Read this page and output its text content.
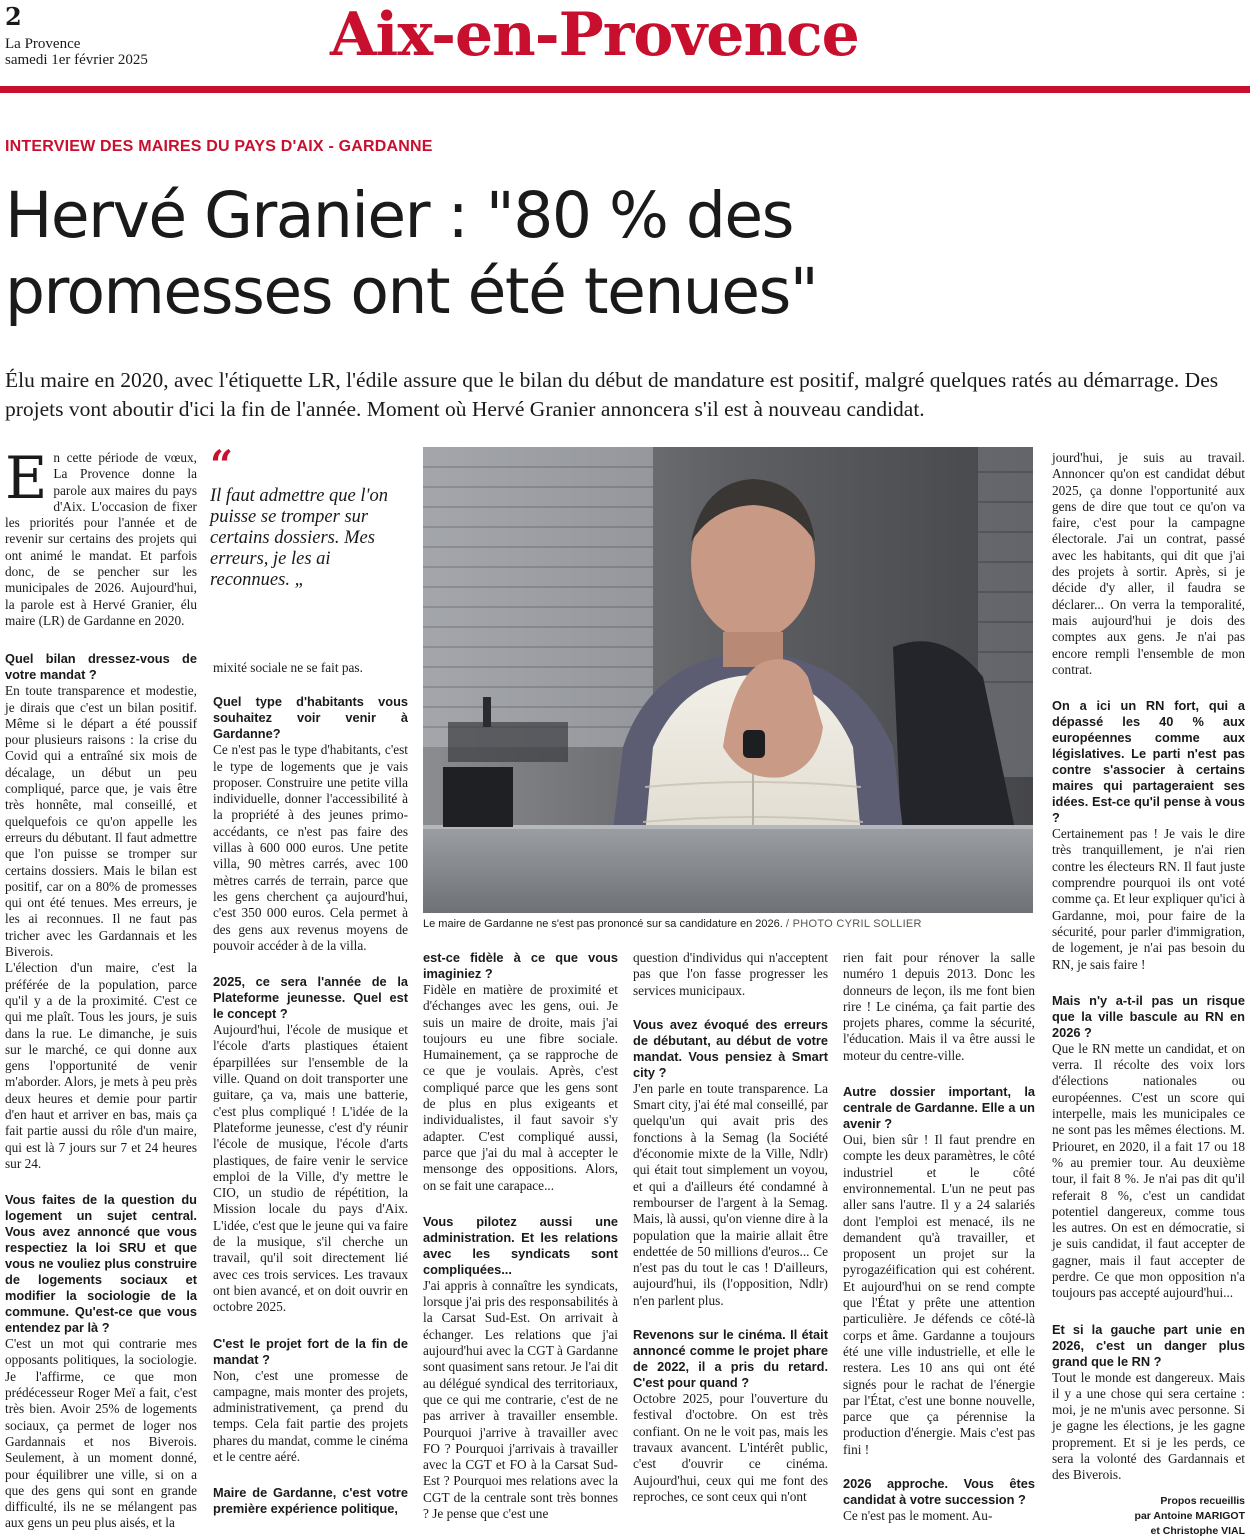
2
La Provence
samedi 1er février 2025	Aix-en-Provence
INTERVIEW DES MAIRES DU PAYS D'AIX - GARDANNE
Hervé Granier : "80 % des
promesses ont été tenues"
Élu maire en 2020, avec l'étiquette LR, l'édile assure que le bilan du début de mandature est positif, malgré quelques ratés au démarrage. Des projets vont aboutir d'ici la fin de l'année. Moment où Hervé Granier annoncera s'il est à nouveau candidat.

En cette période de vœux, La Provence donne la parole aux maires du pays d'Aix. L'occasion de fixer les priorités pour l'année et de revenir sur certains des projets qui ont animé le mandat. Et parfois donc, de se pencher sur les municipales de 2026. Aujourd'hui, la parole est à Hervé Granier, élu maire (LR) de Gardanne en 2020.

Quel bilan dressez-vous de votre mandat ?

En toute transparence et modestie, je dirais que c'est un bilan positif. Même si le départ a été poussif pour plusieurs raisons : la crise du Covid qui a entraîné six mois de décalage, un début un peu compliqué, parce que, je vais être très honnête, mal conseillé, et quelquefois ce qu'on appelle les erreurs du débutant. Il faut admettre que l'on puisse se tromper sur certains dossiers. Mais le bilan est positif, car on a 80% de promesses qui ont été tenues. Mes erreurs, je les ai reconnues. Il ne faut pas tricher avec les Gardannais et les Biverois.

L'élection d'un maire, c'est la préférée de la population, parce qu'il y a de la proximité. C'est ce qui me plaît. Tous les jours, je suis dans la rue. Le dimanche, je suis sur le marché, ce qui donne aux gens l'opportunité de venir m'aborder. Alors, je mets à peu près deux heures et demie pour partir d'en haut et arriver en bas, mais ça fait partie aussi du rôle d'un maire, qui est là 7 jours sur 7 et 24 heures sur 24.

Vous faites de la question du logement un sujet central. Vous avez annoncé que vous respectiez la loi SRU et que vous ne vouliez plus construire de logements sociaux et modifier la sociologie de la commune. Qu'est-ce que vous entendez par là ?

C'est un mot qui contrarie mes opposants politiques, la sociologie. Je l'affirme, ce que mon prédécesseur Roger Meï a fait, c'est très bien. Avoir 25% de logements sociaux, ça permet de loger nos Gardannais et nos Biverois. Seulement, à un moment donné, pour équilibrer une ville, si on a que des gens qui sont en grande difficulté, ils ne se mélangent pas aux gens un peu plus aisés, et la

“
Il faut admettre que l'on puisse se tromper sur certains dossiers. Mes erreurs, je les ai reconnues. „

mixité sociale ne se fait pas.

Quel type d'habitants vous souhaitez voir venir à Gardanne?

Ce n'est pas le type d'habitants, c'est le type de logements que je vais proposer. Construire une petite villa individuelle, donner l'accessibilité à la propriété à des jeunes primo-accédants, ce n'est pas faire des villas à 600 000 euros. Une petite villa, 90 mètres carrés, avec 100 mètres carrés de terrain, parce que les gens cherchent ça aujourd'hui, c'est 350 000 euros. Cela permet à des gens aux revenus moyens de pouvoir accéder à de la villa.

2025, ce sera l'année de la Plateforme jeunesse. Quel est le concept ?

Aujourd'hui, l'école de musique et l'école d'arts plastiques étaient éparpillées sur l'ensemble de la ville. Quand on doit transporter une guitare, ça va, mais une batterie, c'est plus compliqué ! L'idée de la Plateforme jeunesse, c'est d'y réunir l'école de musique, l'école d'arts plastiques, de faire venir le service emploi de la Ville, d'y mettre le CIO, un studio de répétition, la Mission locale du pays d'Aix. L'idée, c'est que le jeune qui va faire de la musique, s'il cherche un travail, qu'il soit directement lié avec ces trois services. Les travaux ont bien avancé, et on doit ouvrir en octobre 2025.

C'est le projet fort de la fin de mandat ?

Non, c'est une promesse de campagne, mais monter des projets, administrativement, ça prend du temps. Cela fait partie des projets phares du mandat, comme le cinéma et le centre aéré.

Maire de Gardanne, c'est votre première expérience politique,

Le maire de Gardanne ne s'est pas prononcé sur sa candidature en 2026. / PHOTO CYRIL SOLLIER

est-ce fidèle à ce que vous imaginiez ?

Fidèle en matière de proximité et d'échanges avec les gens, oui. Je suis un maire de droite, mais j'ai toujours eu une fibre sociale. Humainement, ça se rapproche de ce que je voulais. Après, c'est compliqué parce que les gens sont de plus en plus exigeants et individualistes, il faut savoir s'y adapter. C'est compliqué aussi, parce que j'ai du mal à accepter le mensonge des oppositions. Alors, on se fait une carapace...

Vous pilotez aussi une administration. Et les relations avec les syndicats sont compliquées...

J'ai appris à connaître les syndicats, lorsque j'ai pris des responsabilités à la Carsat Sud-Est. On arrivait à échanger. Les relations que j'ai aujourd'hui avec la CGT à Gardanne sont quasiment sans retour. Je l'ai dit au délégué syndical des territoriaux, que ce qui me contrarie, c'est de ne pas arriver à travailler ensemble. Pourquoi j'arrive à travailler avec FO ? Pourquoi j'arrivais à travailler avec la CGT et FO à la Carsat Sud-Est ? Pourquoi mes relations avec la CGT de la centrale sont très bonnes ? Je pense que c'est une

question d'individus qui n'acceptent pas que l'on fasse progresser les services municipaux.

Vous avez évoqué des erreurs de débutant, au début de votre mandat. Vous pensiez à Smart city ?

J'en parle en toute transparence. La Smart city, j'ai été mal conseillé, par quelqu'un qui avait pris des fonctions à la Semag (la Société d'économie mixte de la Ville, Ndlr) qui était tout simplement un voyou, et qui a d'ailleurs été condamné à rembourser de l'argent à la Semag. Mais, là aussi, qu'on vienne dire à la population que la mairie allait être endettée de 50 millions d'euros... Ce n'est pas du tout le cas ! D'ailleurs, aujourd'hui, ils (l'opposition, Ndlr) n'en parlent plus.

Revenons sur le cinéma. Il était annoncé comme le projet phare de 2022, il a pris du retard. C'est pour quand ?

Octobre 2025, pour l'ouverture du festival d'octobre. On est très confiant. On ne le voit pas, mais les travaux avancent. L'intérêt public, c'est d'ouvrir ce cinéma. Aujourd'hui, ceux qui me font des reproches, ce sont ceux qui n'ont

rien fait pour rénover la salle numéro 1 depuis 2013. Donc les donneurs de leçon, ils me font bien rire ! Le cinéma, ça fait partie des projets phares, comme la sécurité, l'éducation. Mais il va être aussi le moteur du centre-ville.

Autre dossier important, la centrale de Gardanne. Elle a un avenir ?

Oui, bien sûr ! Il faut prendre en compte les deux paramètres, le côté industriel et le côté environnemental. L'un ne peut pas aller sans l'autre. Il y a 24 salariés dont l'emploi est menacé, ils ne demandent qu'à travailler, et proposent un projet sur la pyrogazéification qui est cohérent. Et aujourd'hui on se rend compte que l'État y prête une attention particulière. Je défends ce côté-là corps et âme. Gardanne a toujours été une ville industrielle, et elle le restera. Les 10 ans qui ont été signés pour le rachat de l'énergie par l'État, c'est une bonne nouvelle, parce que ça pérennise la production d'énergie. Mais c'est pas fini !

2026 approche. Vous êtes candidat à votre succession ?

Ce n'est pas le moment. Au-

jourd'hui, je suis au travail. Annoncer qu'on est candidat début 2025, ça donne l'opportunité aux gens de dire que tout ce qu'on va faire, c'est pour la campagne électorale. J'ai un contrat, passé avec les habitants, qui dit que j'ai des projets à sortir. Après, si je décide d'y aller, il faudra se déclarer... On verra la temporalité, mais aujourd'hui je dois des comptes aux gens. Je n'ai pas encore rempli l'ensemble de mon contrat.

On a ici un RN fort, qui a dépassé les 40 % aux européennes comme aux législatives. Le parti n'est pas contre s'associer à certains maires qui partageraient ses idées. Est-ce qu'il pense à vous ?

Certainement pas ! Je vais le dire très tranquillement, je n'ai rien contre les électeurs RN. Il faut juste comprendre pourquoi ils ont voté comme ça. Et leur expliquer qu'ici à Gardanne, moi, pour faire de la sécurité, pour parler d'immigration, de logement, je n'ai pas besoin du RN, je sais faire !

Mais n'y a-t-il pas un risque que la ville bascule au RN en 2026 ?

Que le RN mette un candidat, et on verra. Il récolte des voix lors d'élections nationales ou européennes. C'est un score qui interpelle, mais les municipales ce ne sont pas les mêmes élections. M. Priouret, en 2020, il a fait 17 ou 18 % au premier tour. Au deuxième tour, il fait 8 %. Je n'ai pas dit qu'il referait 8 %, c'est un candidat potentiel dangereux, comme tous les autres. On est en démocratie, si je suis candidat, il faut accepter de gagner, mais il faut accepter de perdre. Ce que mon opposition n'a toujours pas accepté aujourd'hui...

Et si la gauche part unie en 2026, c'est un danger plus grand que le RN ?

Tout le monde est dangereux. Mais il y a une chose qui sera certaine : moi, je ne m'unis avec personne. Si je gagne les élections, je les gagne proprement. Et si je les perds, ce sera la volonté des Gardannais et des Biverois.

Propos recueillis
par Antoine MARIGOT
et Christophe VIAL
